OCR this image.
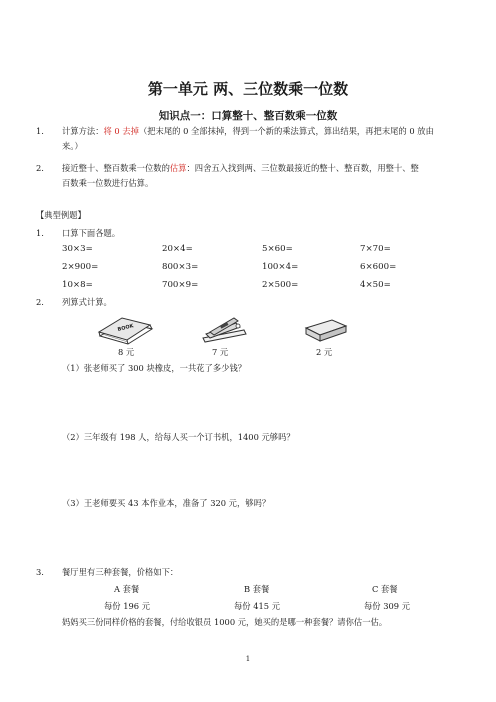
第一单元 两、三位数乘一位数
知识点一：口算整十、整百数乘一位数
1. 计算方法：将 0 去掉（把末尾的 0 全部抹掉，得到一个新的乘法算式，算出结果，再把末尾的 0 放由
来。）
2. 接近整十、整百数乘一位数的估算：四舍五入找到两、三位数最接近的整十、整百数，用整十、整
百数乘一位数进行估算。
【典型例题】
1. 口算下面各题。
30×3=	20×4=	5×60=	7×70=
2×900=	800×3=	100×4=	6×600=
10×8=	700×9=	2×500=	4×50=
2. 列算式计算。
BOOK
8 元	7 元	2 元
（1）张老师买了 300 块橡皮，一共花了多少钱？
（2）三年级有 198 人，给每人买一个订书机，1400 元够吗？
（3）王老师要买 43 本作业本，准备了 320 元，够吗？
3. 餐厅里有三种套餐，价格如下：
A 套餐	B 套餐	C 套餐
每份 196 元	每份 415 元	每份 309 元
妈妈买三份同样价格的套餐，付给收银员 1000 元，她买的是哪一种套餐？请你估一估。
1
